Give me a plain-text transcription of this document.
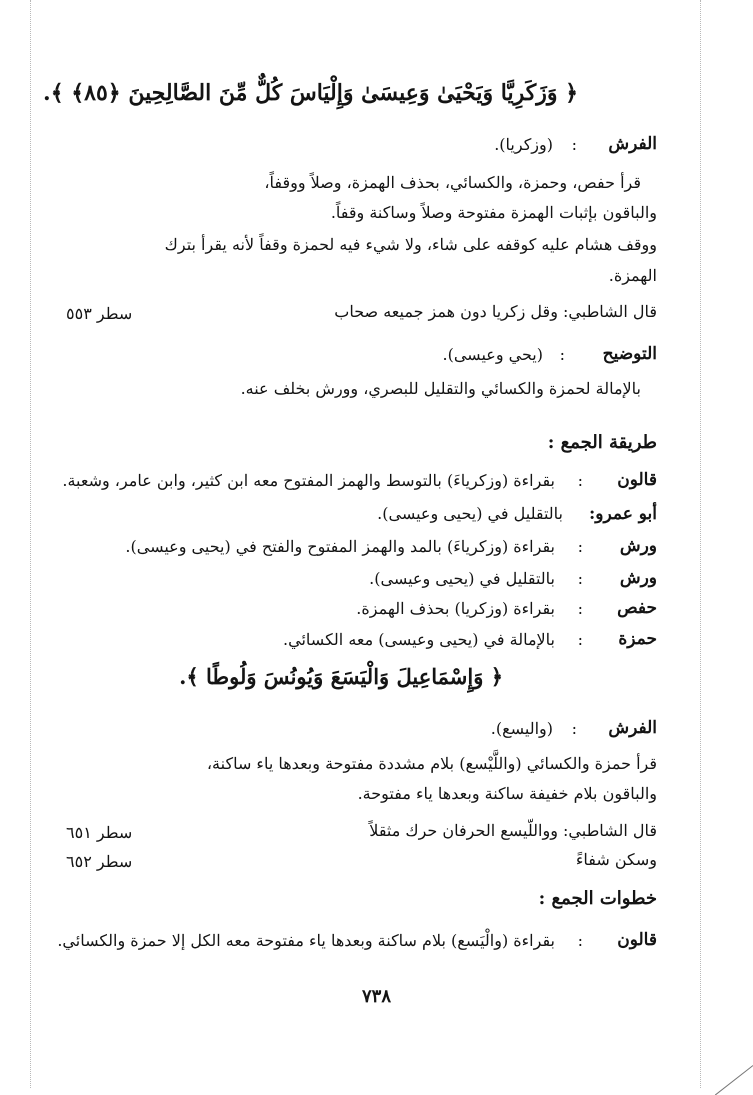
﴿ وَزَكَرِيَّا وَيَحْيَىٰ وَعِيسَىٰ وَإِلْيَاسَ كُلٌّ مِّنَ الصَّالِحِينَ ﴿٨٥﴾ ﴾.
الفرش
:
(وزكريا).
قرأ حفص، وحمزة، والكسائي، بحذف الهمزة، وصلاً ووقفاً،
والباقون بإثبات الهمزة مفتوحة وصلاً وساكنة وقفاً.
ووقف هشام عليه كوقفه على شاء، ولا شيء فيه لحمزة وقفاً لأنه يقرأ بترك
الهمزة.
قال الشاطبي: وقل زكريا دون همز جميعه صحاب
سطر ٥٥٣
التوضيح
:
(يحي وعيسى).
بالإمالة لحمزة والكسائي والتقليل للبصري، وورش بخلف عنه.
طريقة الجمع :
قالون
:
بقراءة (وزكرياءَ) بالتوسط والهمز المفتوح معه ابن كثير، وابن عامر، وشعبة.
أبو عمرو:
بالتقليل في (يحيى وعيسى).
ورش
:
بقراءة (وزكرياءَ) بالمد والهمز المفتوح والفتح في (يحيى وعيسى).
ورش
:
بالتقليل في (يحيى وعيسى).
حفص
:
بقراءة (وزكريا) بحذف الهمزة.
حمزة
:
بالإمالة في (يحيى وعيسى) معه الكسائي.
﴿ وَإِسْمَاعِيلَ وَالْيَسَعَ وَيُونُسَ وَلُوطًا ﴾.
الفرش
:
(واليسع).
قرأ حمزة والكسائي (واللَّيْسع) بلام مشددة مفتوحة وبعدها ياء ساكنة،
والباقون بلام خفيفة ساكنة وبعدها ياء مفتوحة.
قال الشاطبي: وواللّيسع الحرفان حرك مثقلاً
سطر ٦٥١
وسكن شفاءً
سطر ٦٥٢
خطوات الجمع :
قالون
:
بقراءة (والْيَسع) بلام ساكنة وبعدها ياء مفتوحة معه الكل إلا حمزة والكسائي.
٧٣٨
